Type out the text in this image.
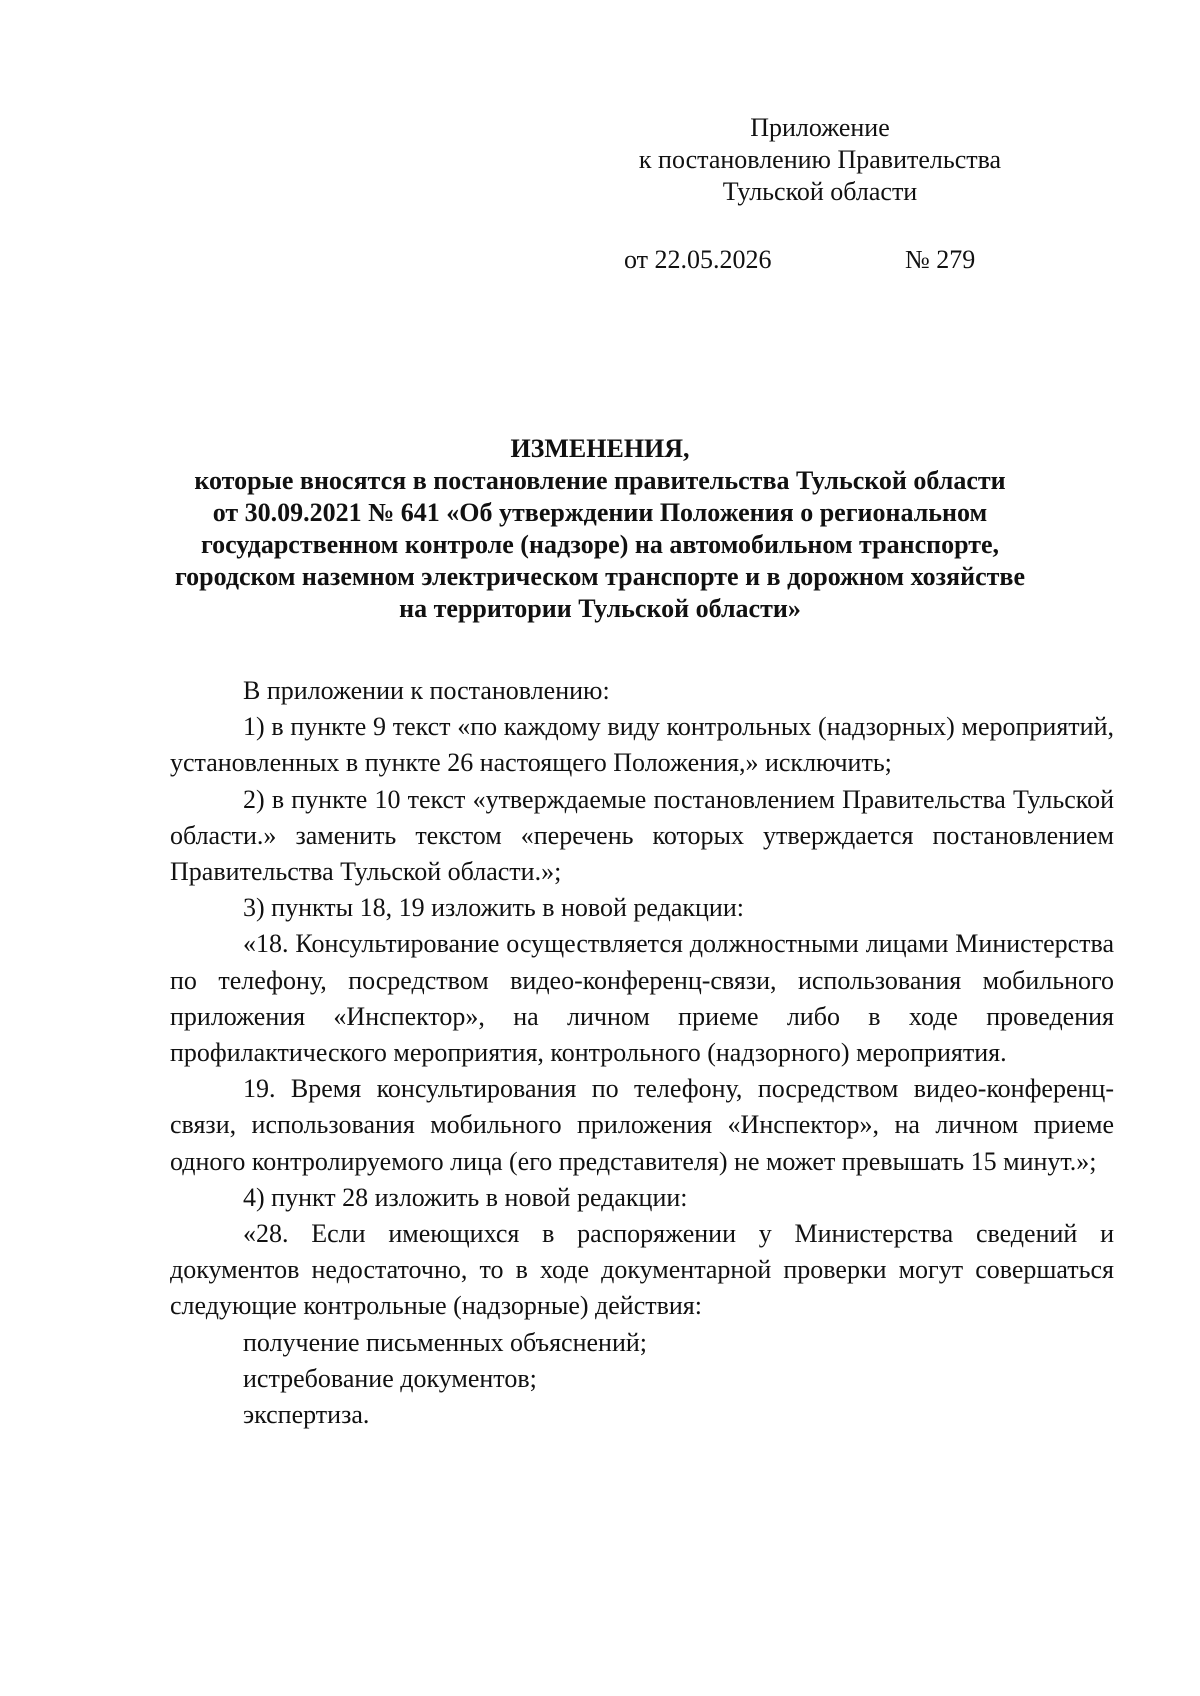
Приложение
к постановлению Правительства
Тульской области
от 22.05.2026	№ 279
ИЗМЕНЕНИЯ,
которые вносятся в постановление правительства Тульской области
от 30.09.2021 № 641 «Об утверждении Положения о региональном
государственном контроле (надзоре) на автомобильном транспорте,
городском наземном электрическом транспорте и в дорожном хозяйстве
на территории Тульской области»

В приложении к постановлению:

1) в пункте 9 текст «по каждому виду контрольных (надзорных) мероприятий, установленных в пункте 26 настоящего Положения,» исключить;

2) в пункте 10 текст «утверждаемые постановлением Правительства Тульской области.» заменить текстом «перечень которых утверждается постановлением Правительства Тульской области.»;

3) пункты 18, 19 изложить в новой редакции:

«18. Консультирование осуществляется должностными лицами Министерства по телефону, посредством видео-конференц-связи, использования мобильного приложения «Инспектор», на личном приеме либо в ходе проведения профилактического мероприятия, контрольного (надзорного) мероприятия.

19. Время консультирования по телефону, посредством видео-конференц-связи, использования мобильного приложения «Инспектор», на личном приеме одного контролируемого лица (его представителя) не может превышать 15 минут.»;

4) пункт 28 изложить в новой редакции:

«28. Если имеющихся в распоряжении у Министерства сведений и документов недостаточно, то в ходе документарной проверки могут совершаться следующие контрольные (надзорные) действия:

получение письменных объяснений;

истребование документов;

экспертиза.
